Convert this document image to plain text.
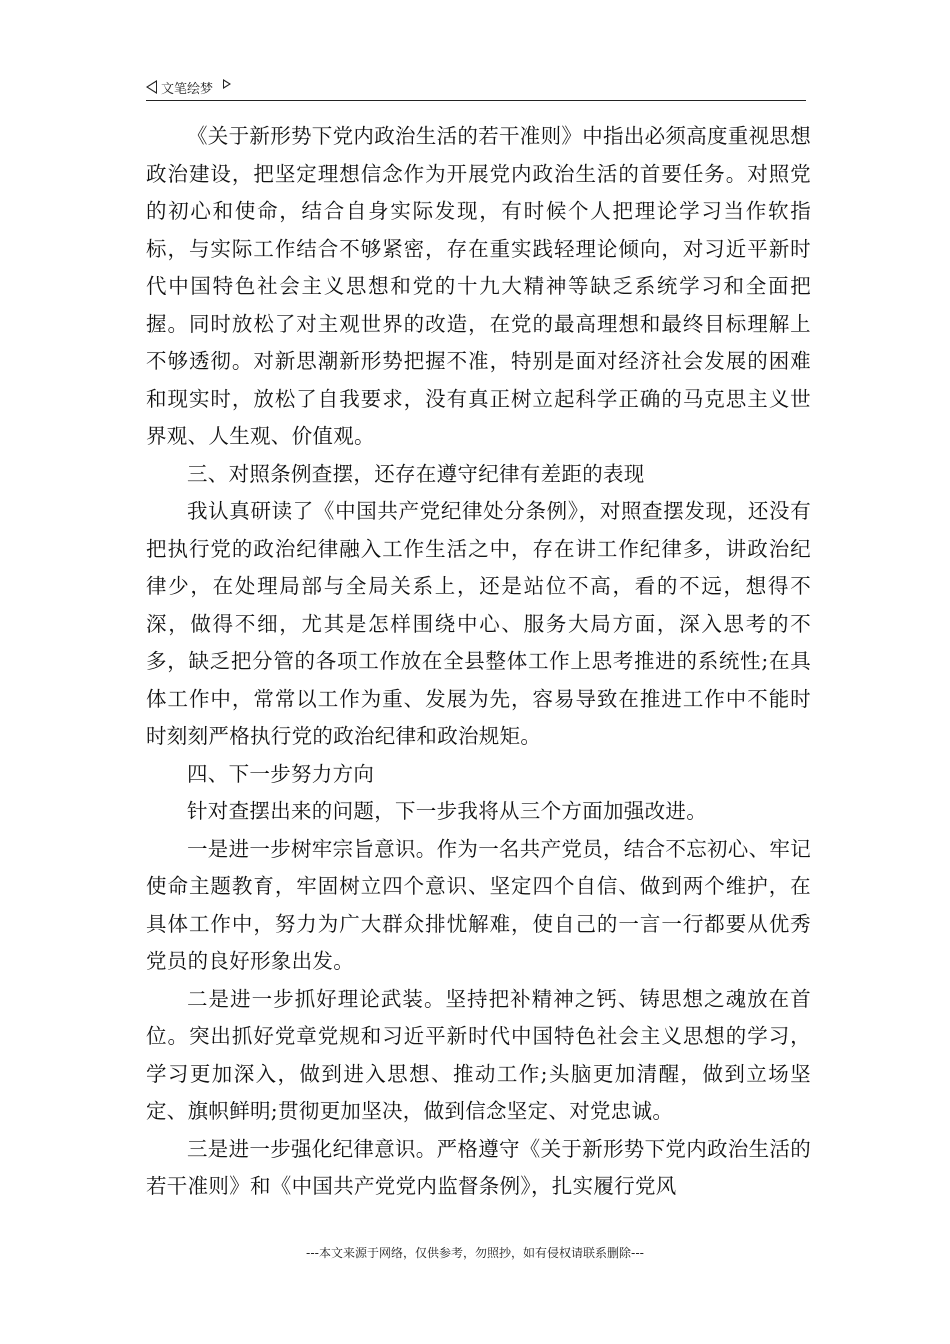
文笔绘梦

《关于新形势下党内政治生活的若干准则》中指出必须高度重视思想政治建设，把坚定理想信念作为开展党内政治生活的首要任务。对照党的初心和使命，结合自身实际发现，有时候个人把理论学习当作软指标，与实际工作结合不够紧密，存在重实践轻理论倾向，对习近平新时代中国特色社会主义思想和党的十九大精神等缺乏系统学习和全面把握。同时放松了对主观世界的改造，在党的最高理想和最终目标理解上不够透彻。对新思潮新形势把握不准，特别是面对经济社会发展的困难和现实时，放松了自我要求，没有真正树立起科学正确的马克思主义世界观、人生观、价值观。

三、对照条例查摆，还存在遵守纪律有差距的表现

我认真研读了《中国共产党纪律处分条例》，对照查摆发现，还没有把执行党的政治纪律融入工作生活之中，存在讲工作纪律多，讲政治纪律少，在处理局部与全局关系上，还是站位不高，看的不远，想得不深，做得不细，尤其是怎样围绕中心、服务大局方面，深入思考的不多，缺乏把分管的各项工作放在全县整体工作上思考推进的系统性;在具体工作中，常常以工作为重、发展为先，容易导致在推进工作中不能时时刻刻严格执行党的政治纪律和政治规矩。

四、下一步努力方向

针对查摆出来的问题，下一步我将从三个方面加强改进。

一是进一步树牢宗旨意识。作为一名共产党员，结合不忘初心、牢记使命主题教育，牢固树立四个意识、坚定四个自信、做到两个维护，在具体工作中，努力为广大群众排忧解难，使自己的一言一行都要从优秀党员的良好形象出发。

二是进一步抓好理论武装。坚持把补精神之钙、铸思想之魂放在首位。突出抓好党章党规和习近平新时代中国特色社会主义思想的学习，学习更加深入，做到进入思想、推动工作;头脑更加清醒，做到立场坚定、旗帜鲜明;贯彻更加坚决，做到信念坚定、对党忠诚。

三是进一步强化纪律意识。严格遵守《关于新形势下党内政治生活的若干准则》和《中国共产党党内监督条例》，扎实履行党风

---本文来源于网络，仅供参考，勿照抄，如有侵权请联系删除---
